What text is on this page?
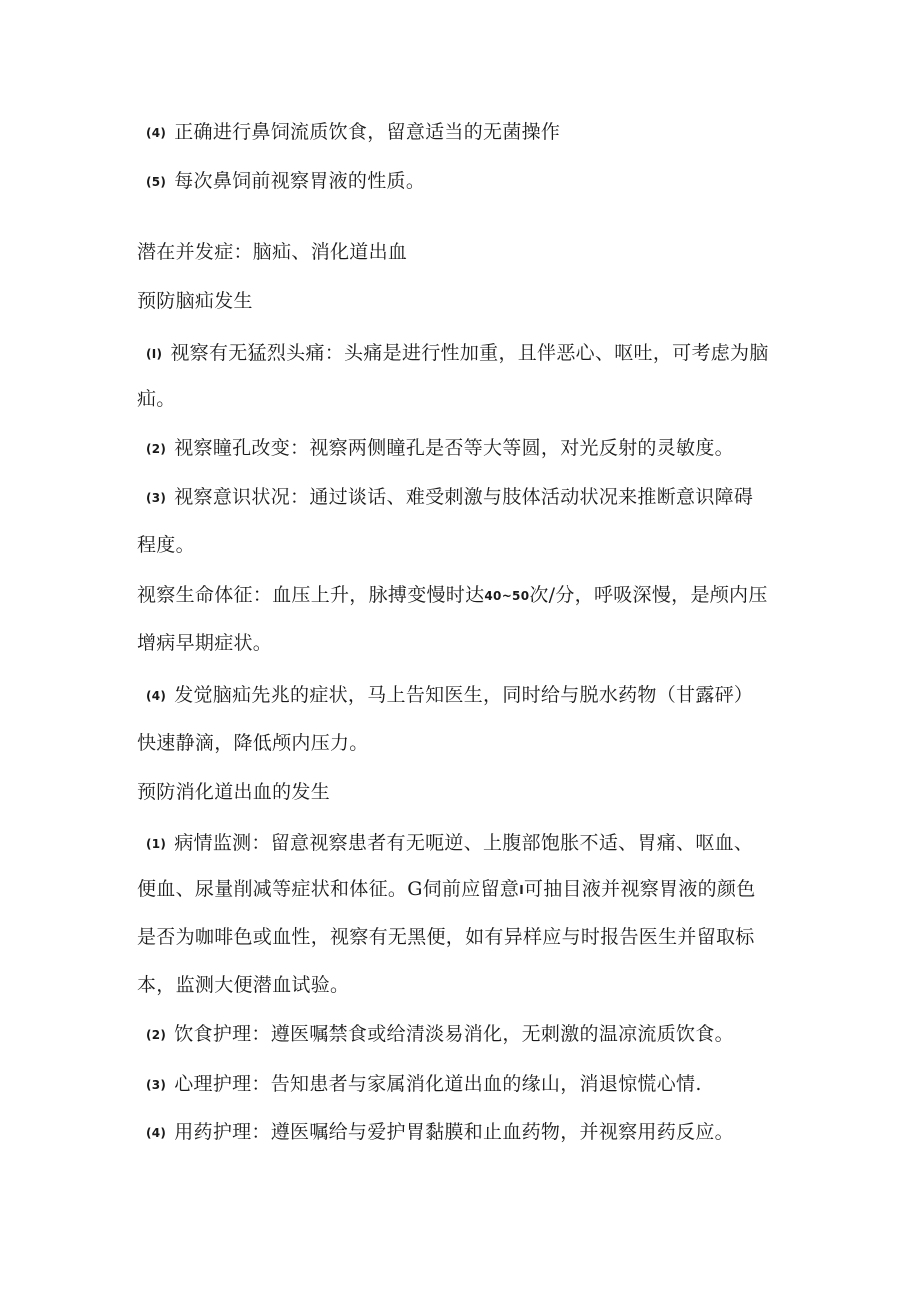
(4) 正确进行鼻饲流质饮食，留意适当的无菌操作
(5) 每次鼻饲前视察胃液的性质。
潜在并发症：脑疝、消化道出血
预防脑疝发生
(I) 视察有无猛烈头痛：头痛是进行性加重，且伴恶心、呕吐，可考虑为脑
疝。
(2) 视察瞳孔改变：视察两侧瞳孔是否等大等圆，对光反射的灵敏度。
(3) 视察意识状况：通过谈话、难受刺激与肢体活动状况来推断意识障碍
程度。
视察生命体征：血压上升，脉搏变慢时达40~50次/分，呼吸深慢，是颅内压
增病早期症状。
(4) 发觉脑疝先兆的症状，马上告知医生，同时给与脱水药物（甘露砰）
快速静滴，降低颅内压力。
预防消化道出血的发生
(1) 病情监测：留意视察患者有无呃逆、上腹部饱胀不适、胃痛、呕血、
便血、尿量削减等症状和体征。G伺前应留意I可抽目液并视察胃液的颜色
是否为咖啡色或血性，视察有无黑便，如有异样应与时报告医生并留取标
本，监测大便潜血试验。
(2) 饮食护理：遵医嘱禁食或给清淡易消化，无刺激的温凉流质饮食。
(3) 心理护理：告知患者与家属消化道出血的缘山，消退惊慌心情.
(4) 用药护理：遵医嘱给与爱护胃黏膜和止血药物，并视察用药反应。
